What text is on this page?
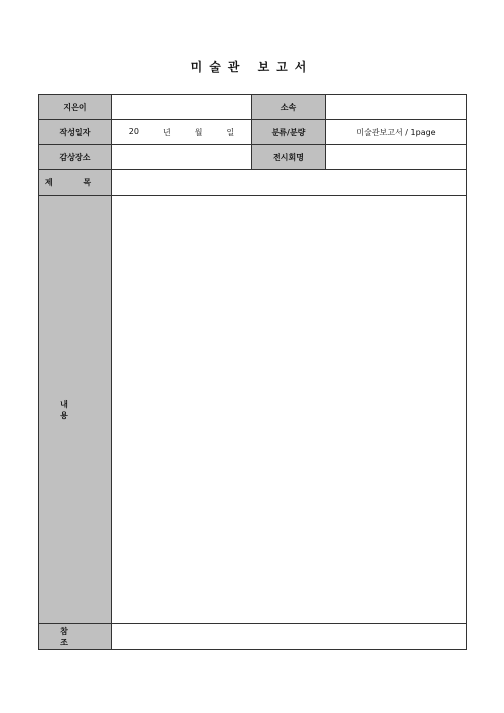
미술관 보고서
지은이		소속	
작성일자	20 년 월 일	분류/분량	미술관보고서 / 1page
감상장소		전시회명	
제 목			
내 용			
참 조			
